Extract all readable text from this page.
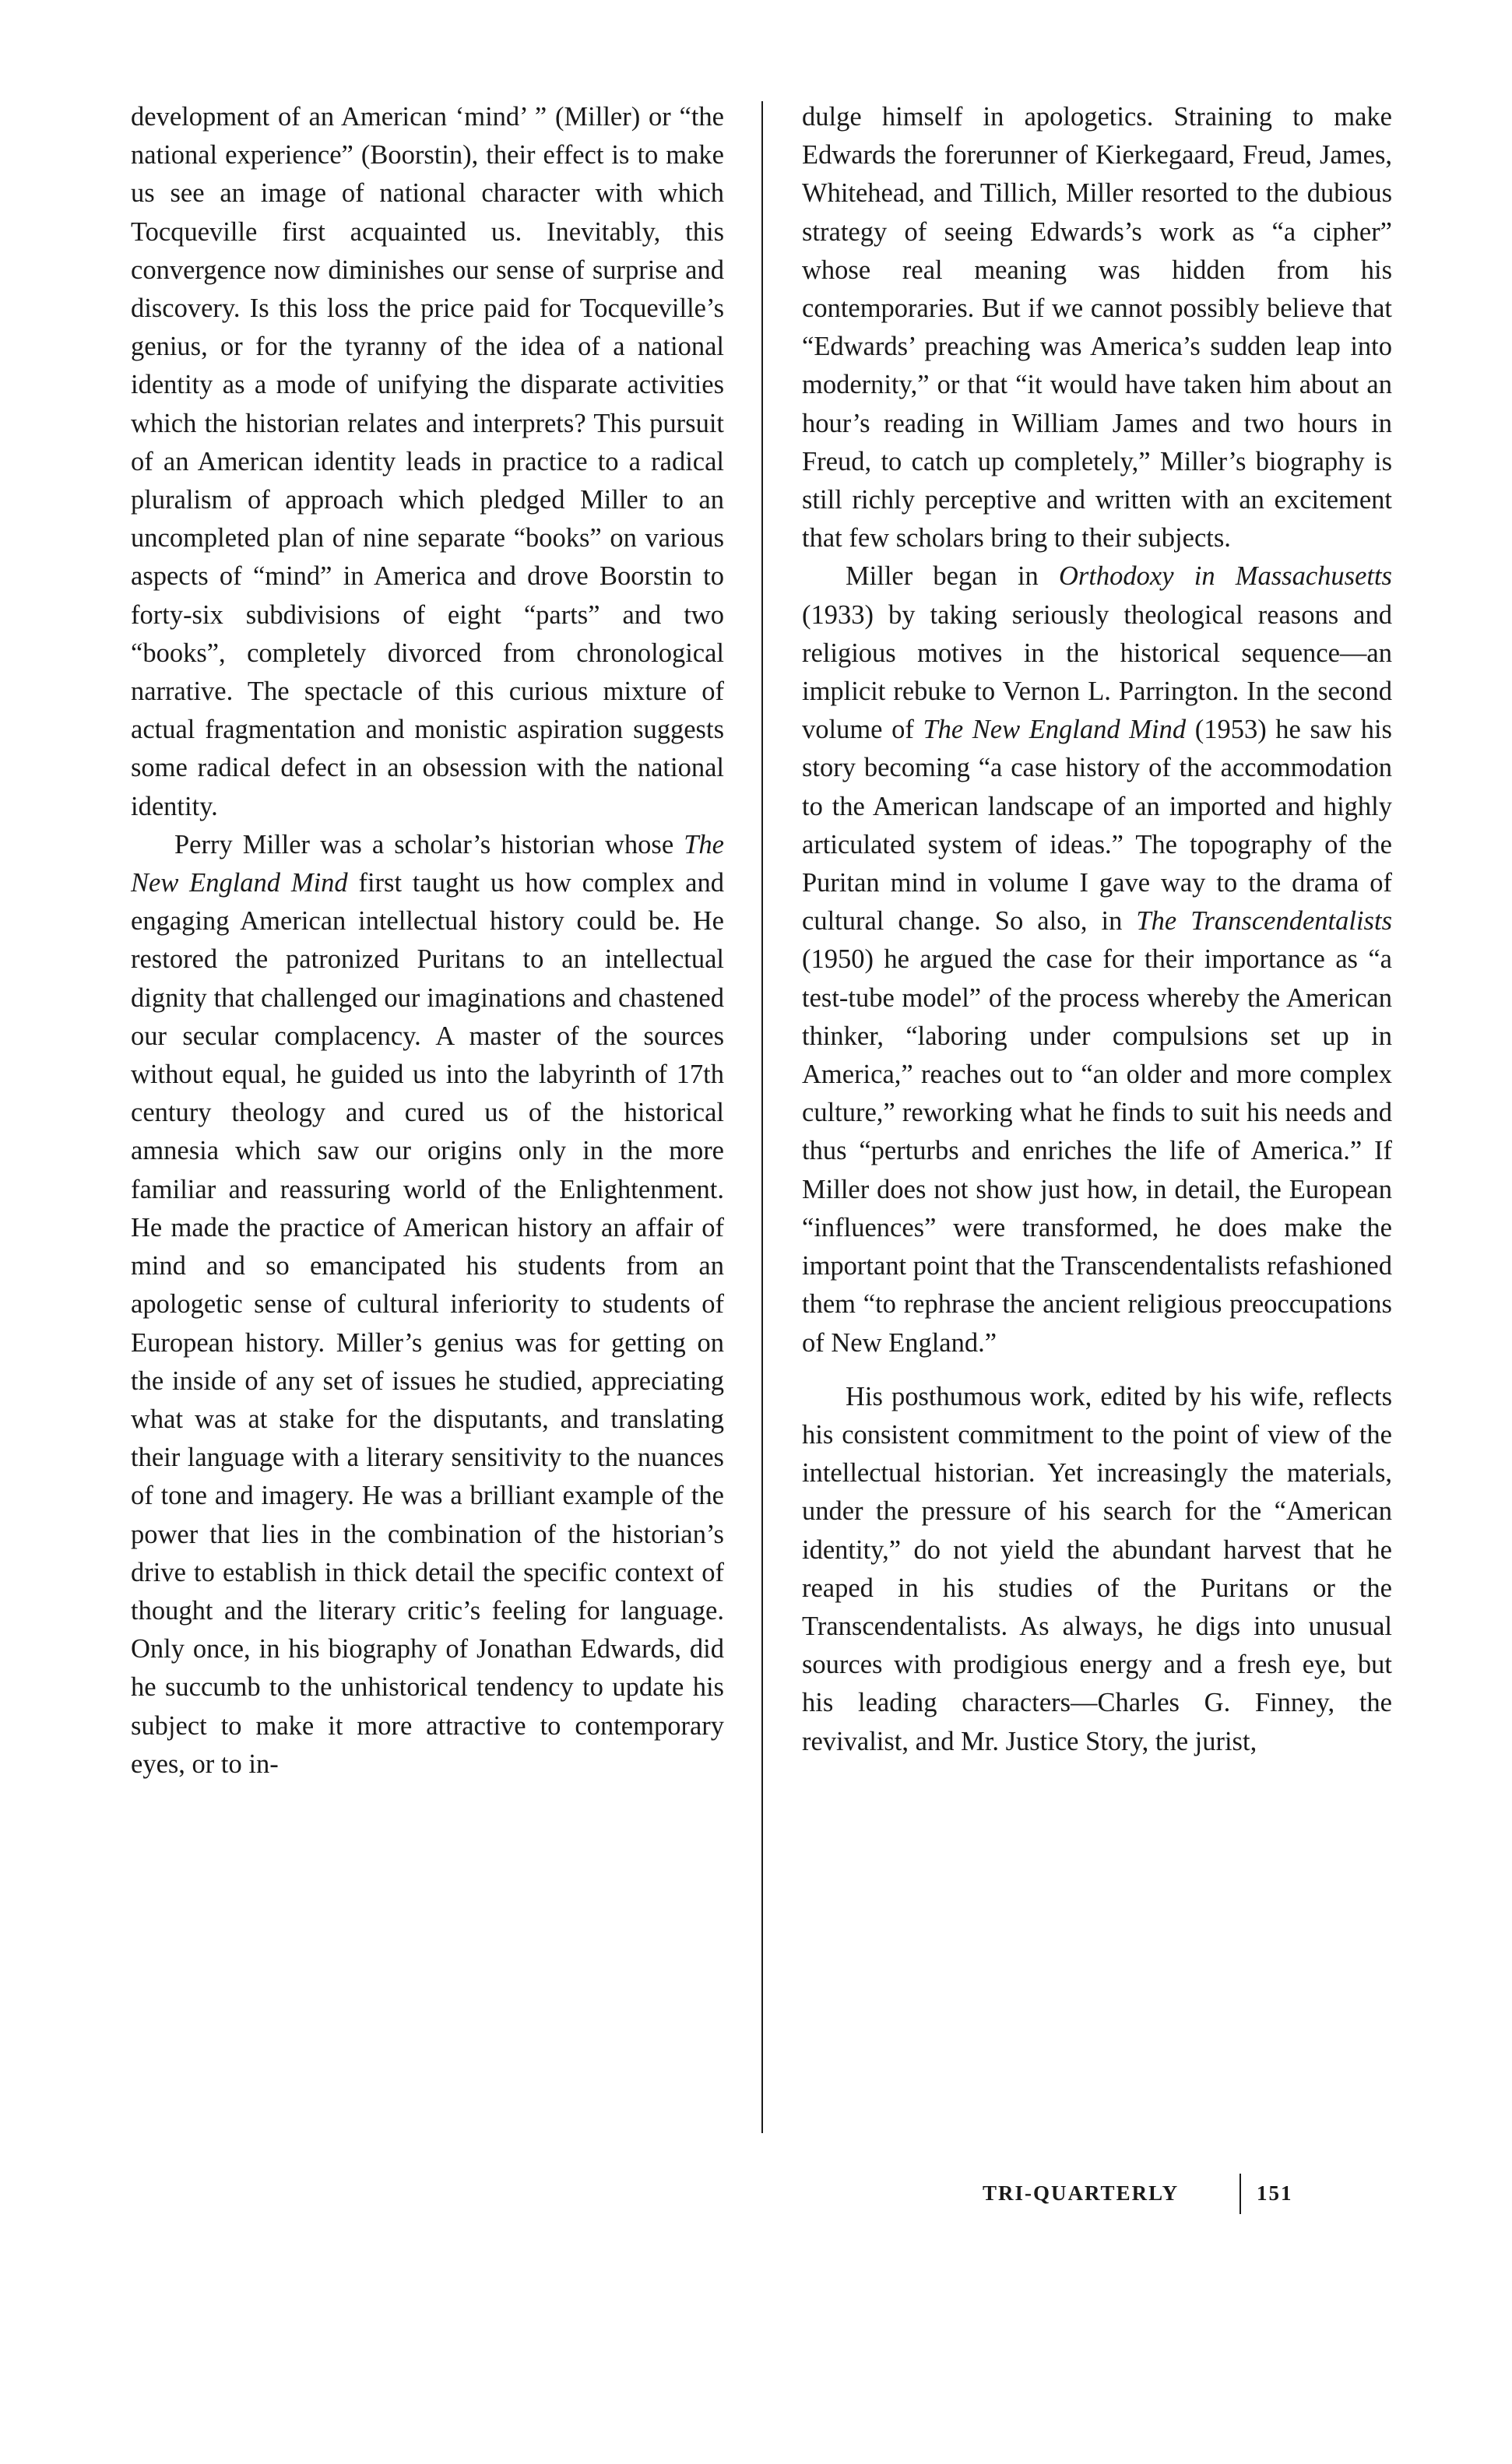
development of an American ‘mind’ ” (Miller) or “the national experience” (Boorstin), their effect is to make us see an image of national character with which Tocqueville first acquainted us. Inevitably, this convergence now diminishes our sense of surprise and discovery. Is this loss the price paid for Tocqueville’s genius, or for the tyranny of the idea of a national identity as a mode of unifying the disparate activities which the historian relates and interprets? This pursuit of an American identity leads in practice to a radical pluralism of approach which pledged Miller to an uncompleted plan of nine separate “books” on various aspects of “mind” in America and drove Boorstin to forty-six subdivisions of eight “parts” and two “books”, completely divorced from chronological narrative. The spectacle of this curious mixture of actual fragmentation and monistic aspiration suggests some radical defect in an obsession with the national identity.

Perry Miller was a scholar’s historian whose The New England Mind first taught us how complex and engaging American intellectual history could be. He restored the patronized Puritans to an intellectual dignity that challenged our imaginations and chastened our secular complacency. A master of the sources without equal, he guided us into the labyrinth of 17th century theology and cured us of the historical amnesia which saw our origins only in the more familiar and reassuring world of the Enlightenment. He made the practice of American history an affair of mind and so emancipated his students from an apologetic sense of cultural inferiority to students of European history. Miller’s genius was for getting on the inside of any set of issues he studied, appreciating what was at stake for the disputants, and translating their language with a literary sensitivity to the nuances of tone and imagery. He was a brilliant example of the power that lies in the combination of the historian’s drive to establish in thick detail the specific context of thought and the literary critic’s feeling for language. Only once, in his biography of Jonathan Edwards, did he succumb to the unhistorical tendency to update his subject to make it more attractive to contemporary eyes, or to in-

dulge himself in apologetics. Straining to make Edwards the forerunner of Kierkegaard, Freud, James, Whitehead, and Tillich, Miller resorted to the dubious strategy of seeing Edwards’s work as “a cipher” whose real meaning was hidden from his contemporaries. But if we cannot possibly believe that “Edwards’ preaching was America’s sudden leap into modernity,” or that “it would have taken him about an hour’s reading in William James and two hours in Freud, to catch up completely,” Miller’s biography is still richly perceptive and written with an excitement that few scholars bring to their subjects.

Miller began in Orthodoxy in Massachusetts (1933) by taking seriously theological reasons and religious motives in the historical sequence—an implicit rebuke to Vernon L. Parrington. In the second volume of The New England Mind (1953) he saw his story becoming “a case history of the accommodation to the American landscape of an imported and highly articulated system of ideas.” The topography of the Puritan mind in volume I gave way to the drama of cultural change. So also, in The Transcendentalists (1950) he argued the case for their importance as “a test-tube model” of the process whereby the American thinker, “laboring under compulsions set up in America,” reaches out to “an older and more complex culture,” reworking what he finds to suit his needs and thus “perturbs and enriches the life of America.” If Miller does not show just how, in detail, the European “influences” were transformed, he does make the important point that the Transcendentalists refashioned them “to rephrase the ancient religious preoccupations of New England.”

His posthumous work, edited by his wife, reflects his consistent commitment to the point of view of the intellectual historian. Yet increasingly the materials, under the pressure of his search for the “American identity,” do not yield the abundant harvest that he reaped in his studies of the Puritans or the Transcendentalists. As always, he digs into unusual sources with prodigious energy and a fresh eye, but his leading characters—Charles G. Finney, the revivalist, and Mr. Justice Story, the jurist,

TRI-QUARTERLY	151
